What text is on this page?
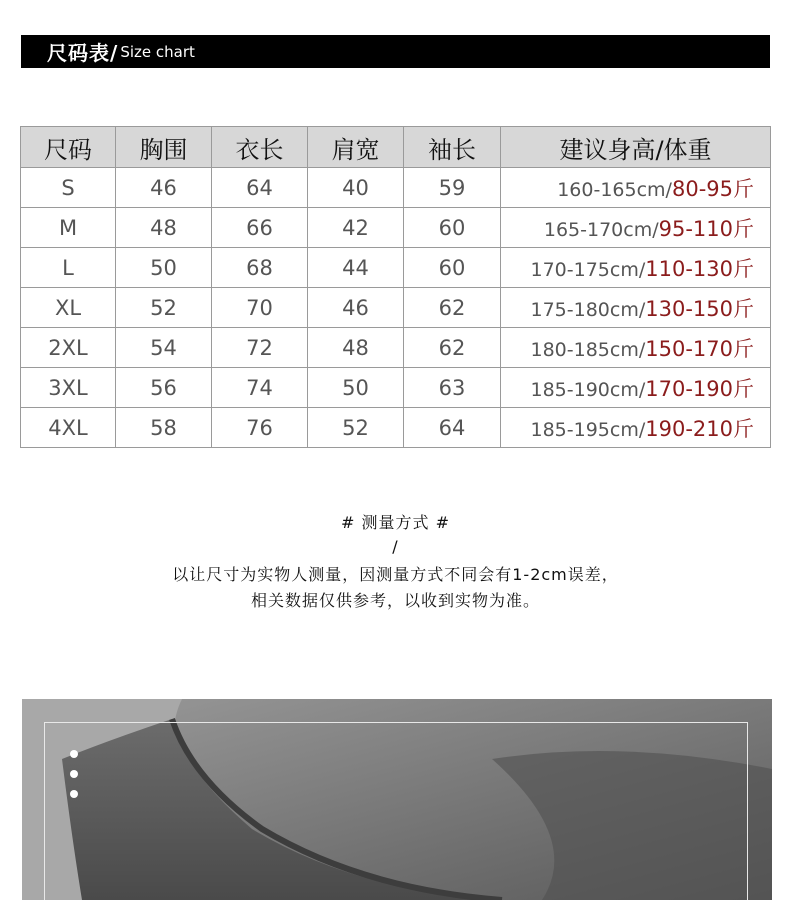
尺码表/ Size chart
尺码	胸围	衣长	肩宽	袖长	建议身高/体重
S	46	64	40	59	160-165cm/80-95斤
M	48	66	42	60	165-170cm/95-110斤
L	50	68	44	60	170-175cm/110-130斤
XL	52	70	46	62	175-180cm/130-150斤
2XL	54	72	48	62	180-185cm/150-170斤
3XL	56	74	50	63	185-190cm/170-190斤
4XL	58	76	52	64	185-195cm/190-210斤
# 测量方式 #
/
以让尺寸为实物人测量，因测量方式不同会有1-2cm误差，
相关数据仅供参考，以收到实物为准。
